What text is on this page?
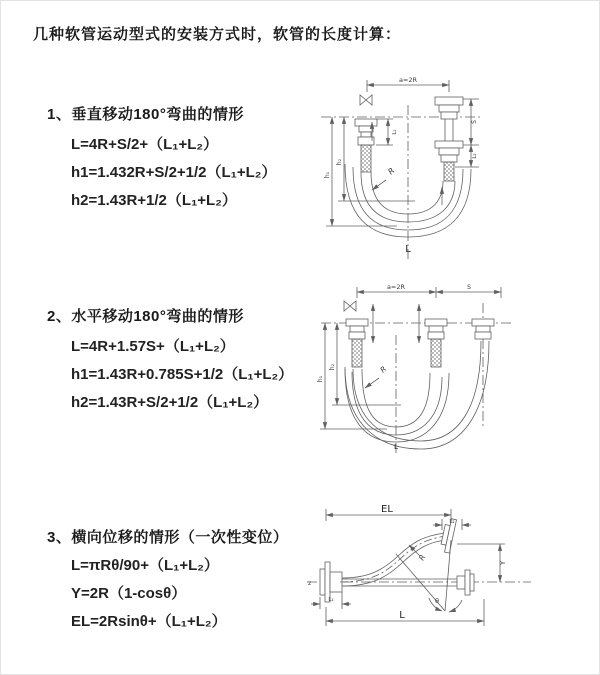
几种软管运动型式的安装方式时，软管的长度计算：
1、垂直移动180°弯曲的情形
L=4R+S/2+（L₁+L₂）
h1=1.432R+S/2+1/2（L₁+L₂）
h2=1.43R+1/2（L₁+L₂）
2、水平移动180°弯曲的情形
L=4R+1.57S+（L₁+L₂）
h1=1.43R+0.785S+1/2（L₁+L₂）
h2=1.43R+S/2+1/2（L₁+L₂）
3、横向位移的情形（一次性变位）
L=πRθ/90+（L₁+L₂）
Y=2R（1-cosθ）
EL=2Rsinθ+（L₁+L₂）
a=2R
L₁
S
L₂
h₁
h₂
R
L
a=2R	S
h₁
h₂	R
L
EL
L₂
Y
R
θ
L₁
L
z
